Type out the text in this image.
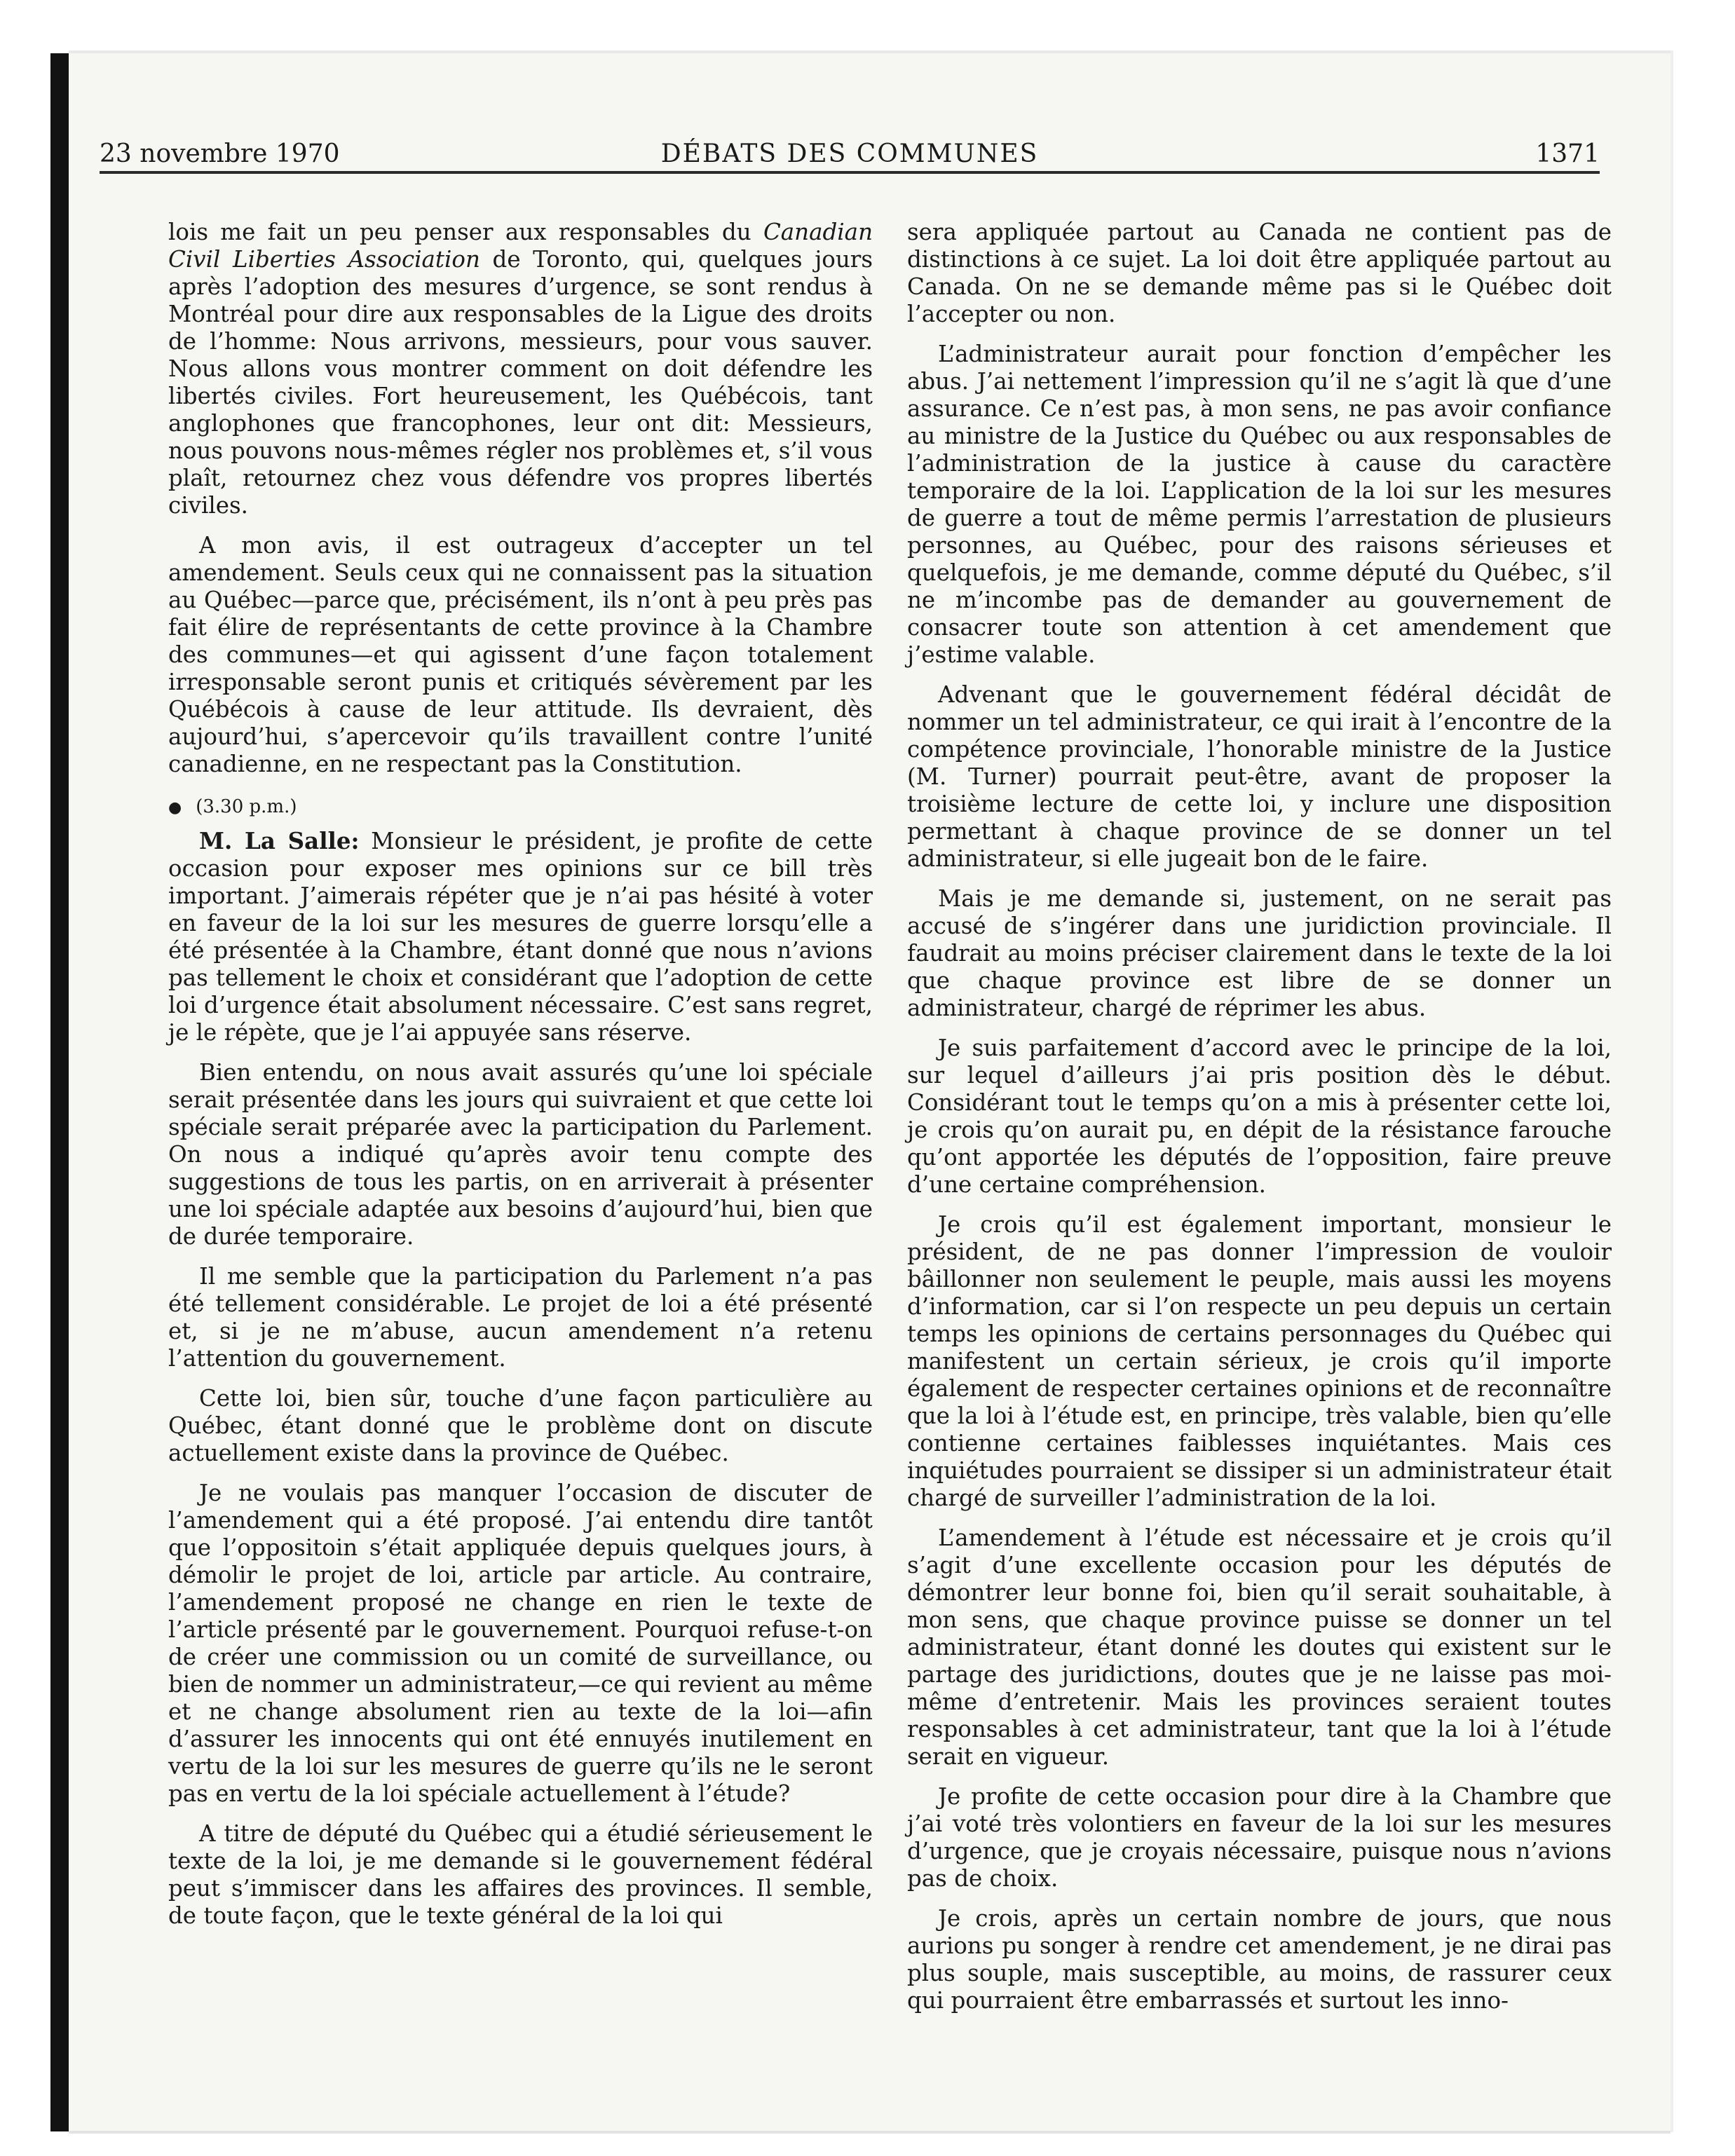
23 novembre 1970	DÉBATS DES COMMUNES	1371

lois me fait un peu penser aux responsables du Canadian Civil Liberties Association de Toronto, qui, quelques jours après l’adoption des mesures d’urgence, se sont rendus à Montréal pour dire aux responsables de la Ligue des droits de l’homme: Nous arrivons, messieurs, pour vous sauver. Nous allons vous montrer comment on doit défendre les libertés civiles. Fort heureusement, les Québécois, tant anglophones que francophones, leur ont dit: Messieurs, nous pouvons nous-mêmes régler nos problèmes et, s’il vous plaît, retournez chez vous défendre vos propres libertés civiles.

A mon avis, il est outrageux d’accepter un tel amendement. Seuls ceux qui ne connaissent pas la situation au Québec—parce que, précisément, ils n’ont à peu près pas fait élire de représentants de cette province à la Chambre des communes—et qui agissent d’une façon totalement irresponsable seront punis et critiqués sévèrement par les Québécois à cause de leur attitude. Ils devraient, dès aujourd’hui, s’apercevoir qu’ils travaillent contre l’unité canadienne, en ne respectant pas la Constitution.

● (3.30 p.m.)

M. La Salle: Monsieur le président, je profite de cette occasion pour exposer mes opinions sur ce bill très important. J’aimerais répéter que je n’ai pas hésité à voter en faveur de la loi sur les mesures de guerre lorsqu’elle a été présentée à la Chambre, étant donné que nous n’avions pas tellement le choix et considérant que l’adoption de cette loi d’urgence était absolument nécessaire. C’est sans regret, je le répète, que je l’ai appuyée sans réserve.

Bien entendu, on nous avait assurés qu’une loi spéciale serait présentée dans les jours qui suivraient et que cette loi spéciale serait préparée avec la participation du Parlement. On nous a indiqué qu’après avoir tenu compte des suggestions de tous les partis, on en arriverait à présenter une loi spéciale adaptée aux besoins d’aujourd’hui, bien que de durée temporaire.

Il me semble que la participation du Parlement n’a pas été tellement considérable. Le projet de loi a été présenté et, si je ne m’abuse, aucun amendement n’a retenu l’attention du gouvernement.

Cette loi, bien sûr, touche d’une façon particulière au Québec, étant donné que le problème dont on discute actuellement existe dans la province de Québec.

Je ne voulais pas manquer l’occasion de discuter de l’amendement qui a été proposé. J’ai entendu dire tantôt que l’oppositoin s’était appliquée depuis quelques jours, à démolir le projet de loi, article par article. Au contraire, l’amendement proposé ne change en rien le texte de l’article présenté par le gouvernement. Pourquoi refuse-t-on de créer une commission ou un comité de surveillance, ou bien de nommer un administrateur,—ce qui revient au même et ne change absolument rien au texte de la loi—afin d’assurer les innocents qui ont été ennuyés inutilement en vertu de la loi sur les mesures de guerre qu’ils ne le seront pas en vertu de la loi spéciale actuellement à l’étude?

A titre de député du Québec qui a étudié sérieusement le texte de la loi, je me demande si le gouvernement fédéral peut s’immiscer dans les affaires des provinces. Il semble, de toute façon, que le texte général de la loi qui

sera appliquée partout au Canada ne contient pas de distinctions à ce sujet. La loi doit être appliquée partout au Canada. On ne se demande même pas si le Québec doit l’accepter ou non.

L’administrateur aurait pour fonction d’empêcher les abus. J’ai nettement l’impression qu’il ne s’agit là que d’une assurance. Ce n’est pas, à mon sens, ne pas avoir confiance au ministre de la Justice du Québec ou aux responsables de l’administration de la justice à cause du caractère temporaire de la loi. L’application de la loi sur les mesures de guerre a tout de même permis l’arrestation de plusieurs personnes, au Québec, pour des raisons sérieuses et quelquefois, je me demande, comme député du Québec, s’il ne m’incombe pas de demander au gouvernement de consacrer toute son attention à cet amendement que j’estime valable.

Advenant que le gouvernement fédéral décidât de nommer un tel administrateur, ce qui irait à l’encontre de la compétence provinciale, l’honorable ministre de la Justice (M. Turner) pourrait peut-être, avant de proposer la troisième lecture de cette loi, y inclure une disposition permettant à chaque province de se donner un tel administrateur, si elle jugeait bon de le faire.

Mais je me demande si, justement, on ne serait pas accusé de s’ingérer dans une juridiction provinciale. Il faudrait au moins préciser clairement dans le texte de la loi que chaque province est libre de se donner un administrateur, chargé de réprimer les abus.

Je suis parfaitement d’accord avec le principe de la loi, sur lequel d’ailleurs j’ai pris position dès le début. Considérant tout le temps qu’on a mis à présenter cette loi, je crois qu’on aurait pu, en dépit de la résistance farouche qu’ont apportée les députés de l’opposition, faire preuve d’une certaine compréhension.

Je crois qu’il est également important, monsieur le président, de ne pas donner l’impression de vouloir bâillonner non seulement le peuple, mais aussi les moyens d’information, car si l’on respecte un peu depuis un certain temps les opinions de certains personnages du Québec qui manifestent un certain sérieux, je crois qu’il importe également de respecter certaines opinions et de reconnaître que la loi à l’étude est, en principe, très valable, bien qu’elle contienne certaines faiblesses inquiétantes. Mais ces inquiétudes pourraient se dissiper si un administrateur était chargé de surveiller l’administration de la loi.

L’amendement à l’étude est nécessaire et je crois qu’il s’agit d’une excellente occasion pour les députés de démontrer leur bonne foi, bien qu’il serait souhaitable, à mon sens, que chaque province puisse se donner un tel administrateur, étant donné les doutes qui existent sur le partage des juridictions, doutes que je ne laisse pas moi-même d’entretenir. Mais les provinces seraient toutes responsables à cet administrateur, tant que la loi à l’étude serait en vigueur.

Je profite de cette occasion pour dire à la Chambre que j’ai voté très volontiers en faveur de la loi sur les mesures d’urgence, que je croyais nécessaire, puisque nous n’avions pas de choix.

Je crois, après un certain nombre de jours, que nous aurions pu songer à rendre cet amendement, je ne dirai pas plus souple, mais susceptible, au moins, de rassurer ceux qui pourraient être embarrassés et surtout les inno-
